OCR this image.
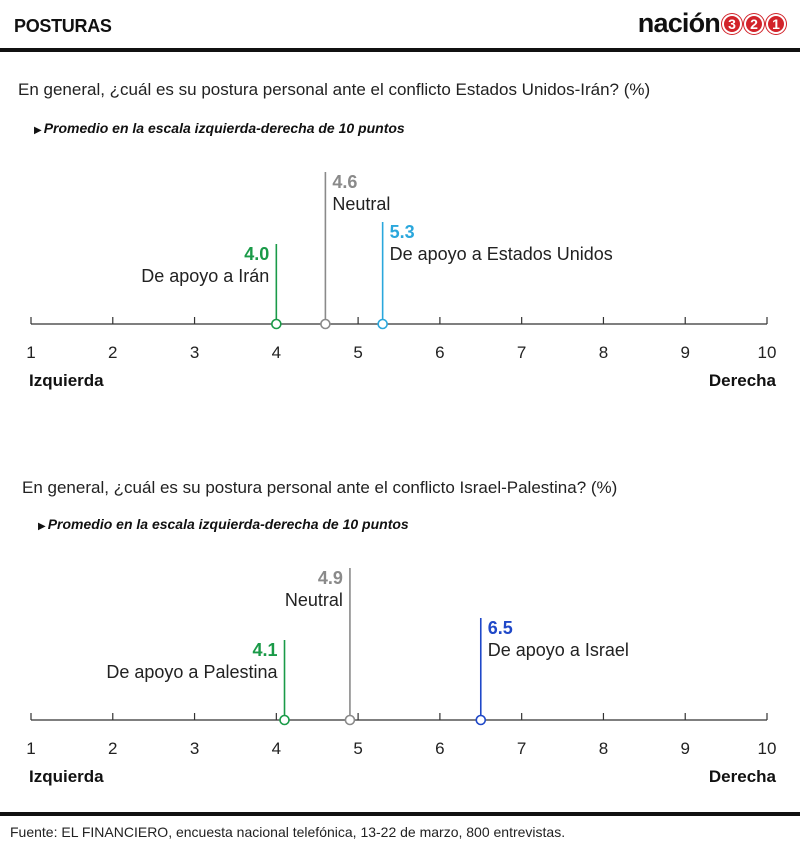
POSTURAS	nación 3	2	1
En general, ¿cuál es su postura personal ante el conflicto Estados Unidos-Irán? (%)
▶ Promedio en la escala izquierda-derecha de 10 puntos
1	2	3	4	5	6	7	8	9	10
Izquierda	Derecha
4.0
De apoyo a Irán
4.6
Neutral
5.3
De apoyo a Estados Unidos
En general, ¿cuál es su postura personal ante el conflicto Israel-Palestina? (%)
▶ Promedio en la escala izquierda-derecha de 10 puntos
1	2	3	4	5	6	7	8	9	10
Izquierda	Derecha
4.1
De apoyo a Palestina
4.9
Neutral
6.5
De apoyo a Israel
Fuente: EL FINANCIERO, encuesta nacional telefónica, 13-22 de marzo, 800 entrevistas.
